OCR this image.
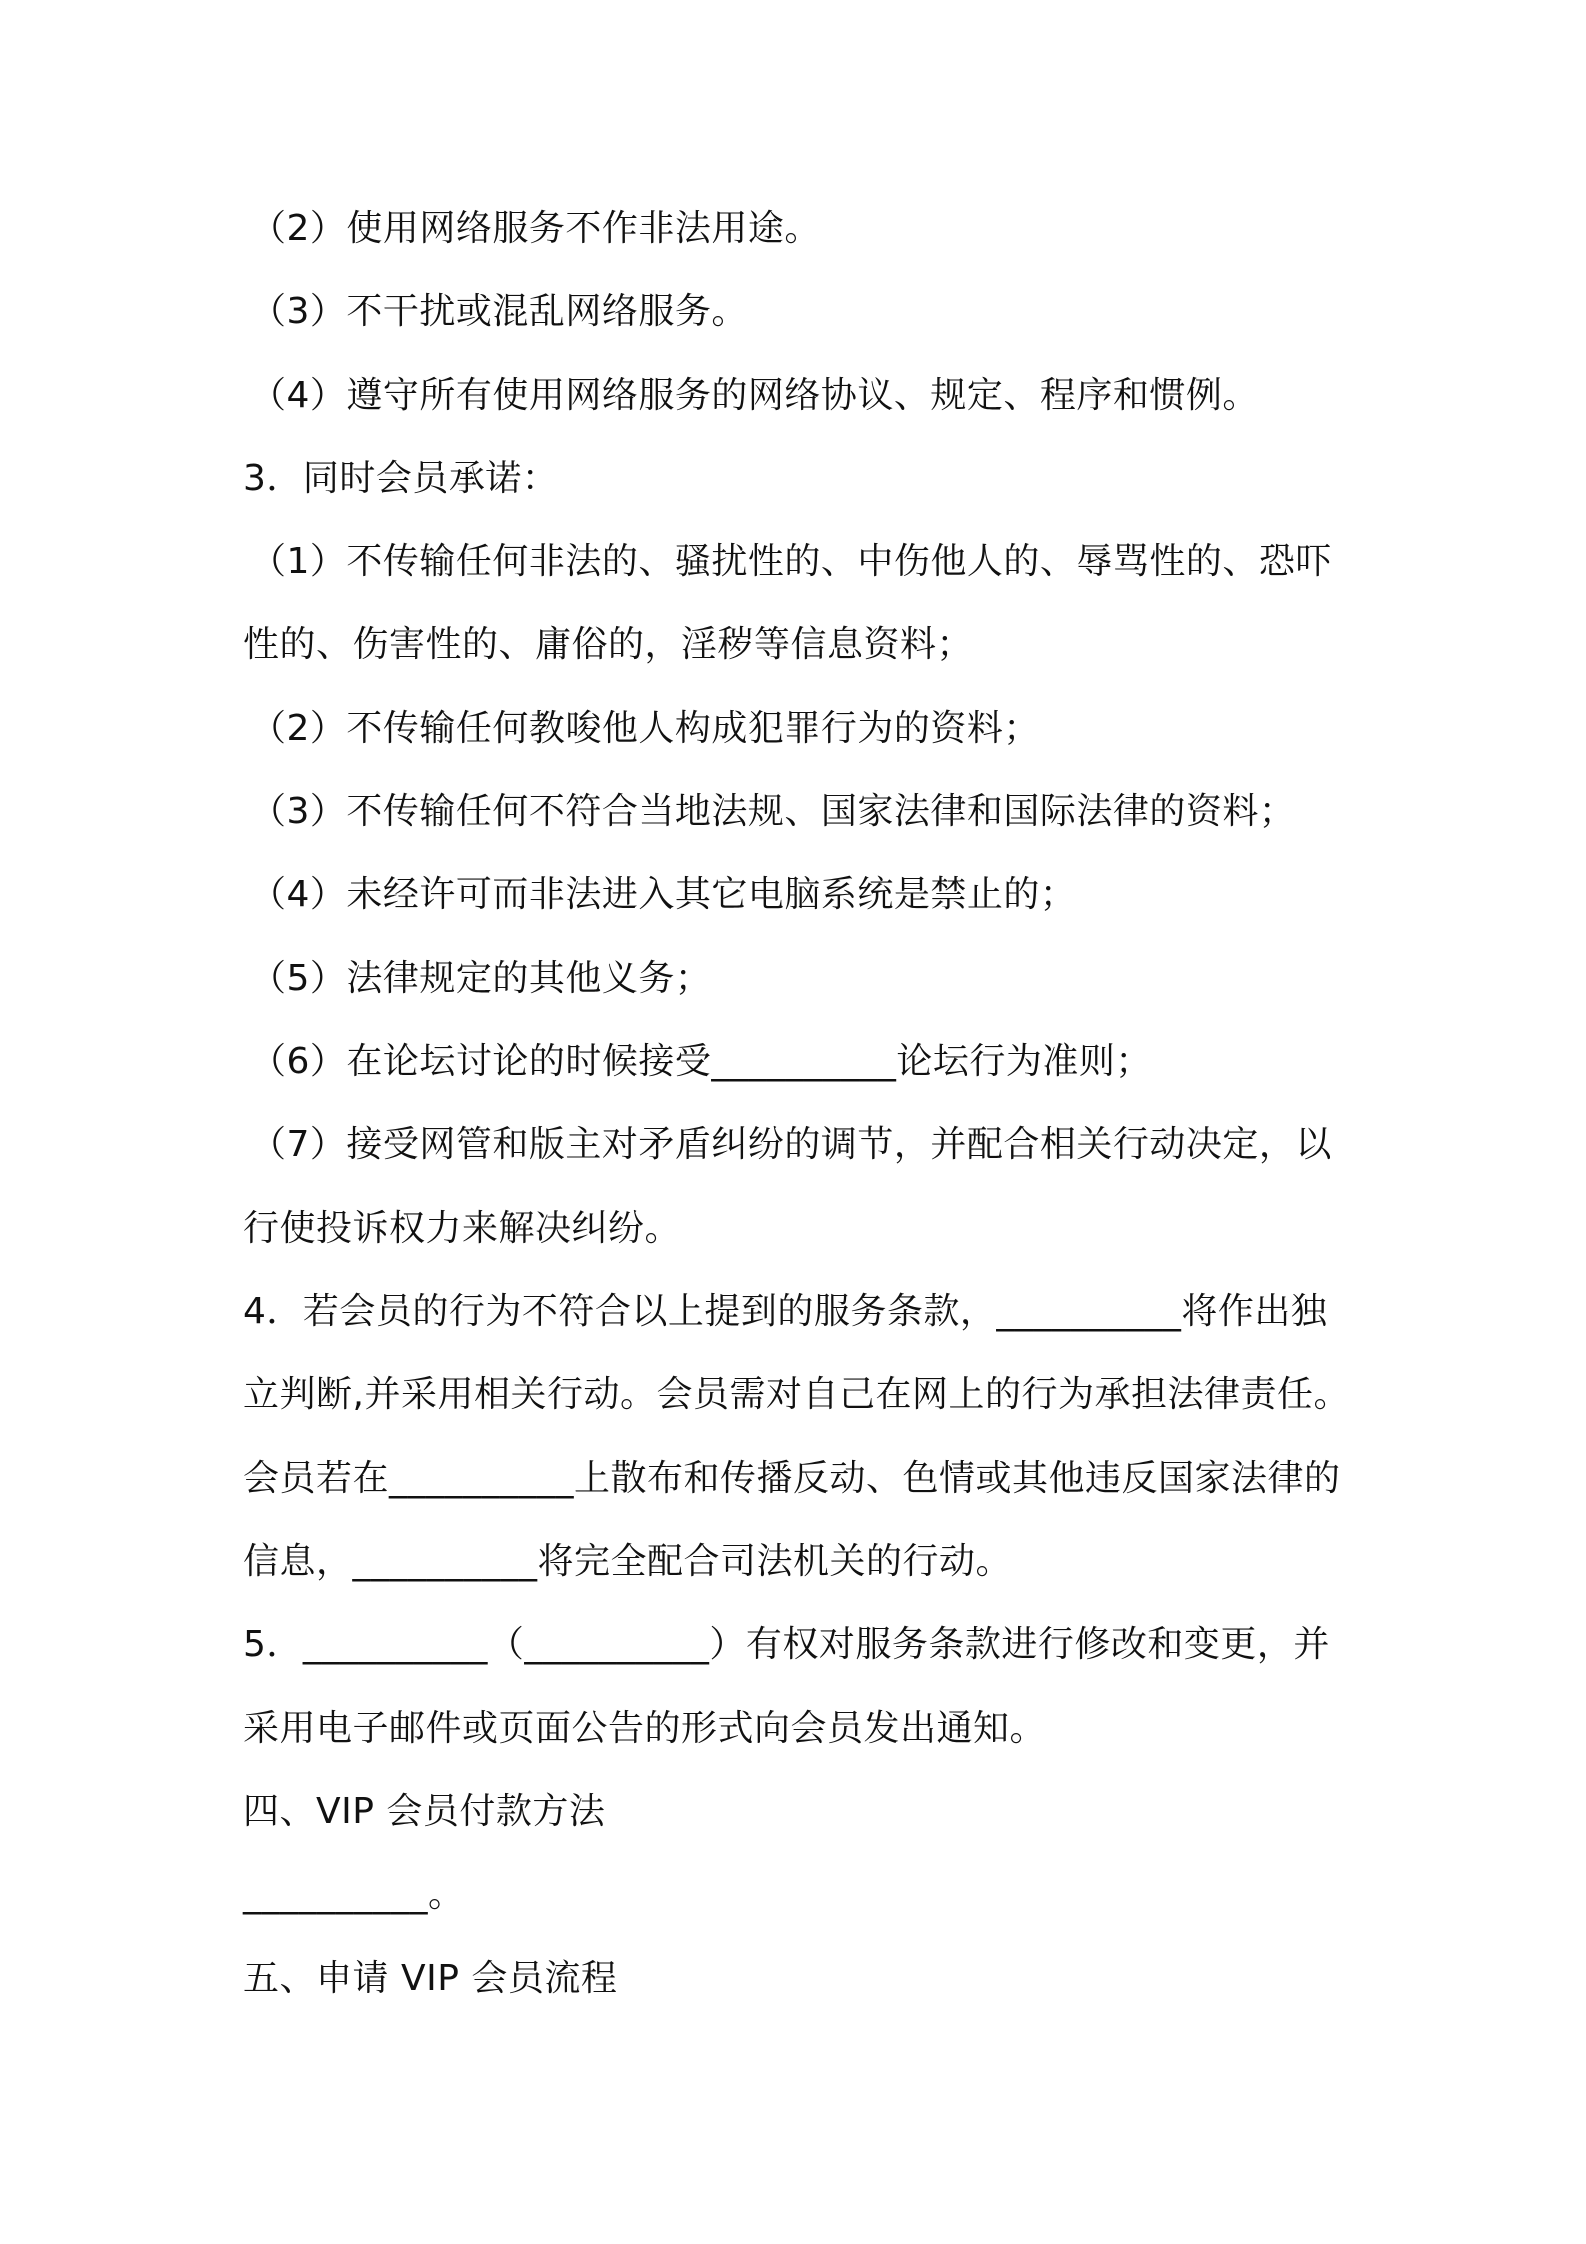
（2）使用网络服务不作非法用途。
（3）不干扰或混乱网络服务。
（4）遵守所有使用网络服务的网络协议、规定、程序和惯例。
3．同时会员承诺：
（1）不传输任何非法的、骚扰性的、中伤他人的、辱骂性的、恐吓
性的、伤害性的、庸俗的，淫秽等信息资料；
（2）不传输任何教唆他人构成犯罪行为的资料；
（3）不传输任何不符合当地法规、国家法律和国际法律的资料；
（4）未经许可而非法进入其它电脑系统是禁止的；
（5）法律规定的其他义务；
（6）在论坛讨论的时候接受__________论坛行为准则；
（7）接受网管和版主对矛盾纠纷的调节，并配合相关行动决定，以
行使投诉权力来解决纠纷。
4．若会员的行为不符合以上提到的服务条款，__________将作出独
立判断,并采用相关行动。会员需对自己在网上的行为承担法律责任。
会员若在__________上散布和传播反动、色情或其他违反国家法律的
信息，__________将完全配合司法机关的行动。
5．__________（__________）有权对服务条款进行修改和变更，并
采用电子邮件或页面公告的形式向会员发出通知。
四、VIP 会员付款方法
__________。
五、申请 VIP 会员流程
